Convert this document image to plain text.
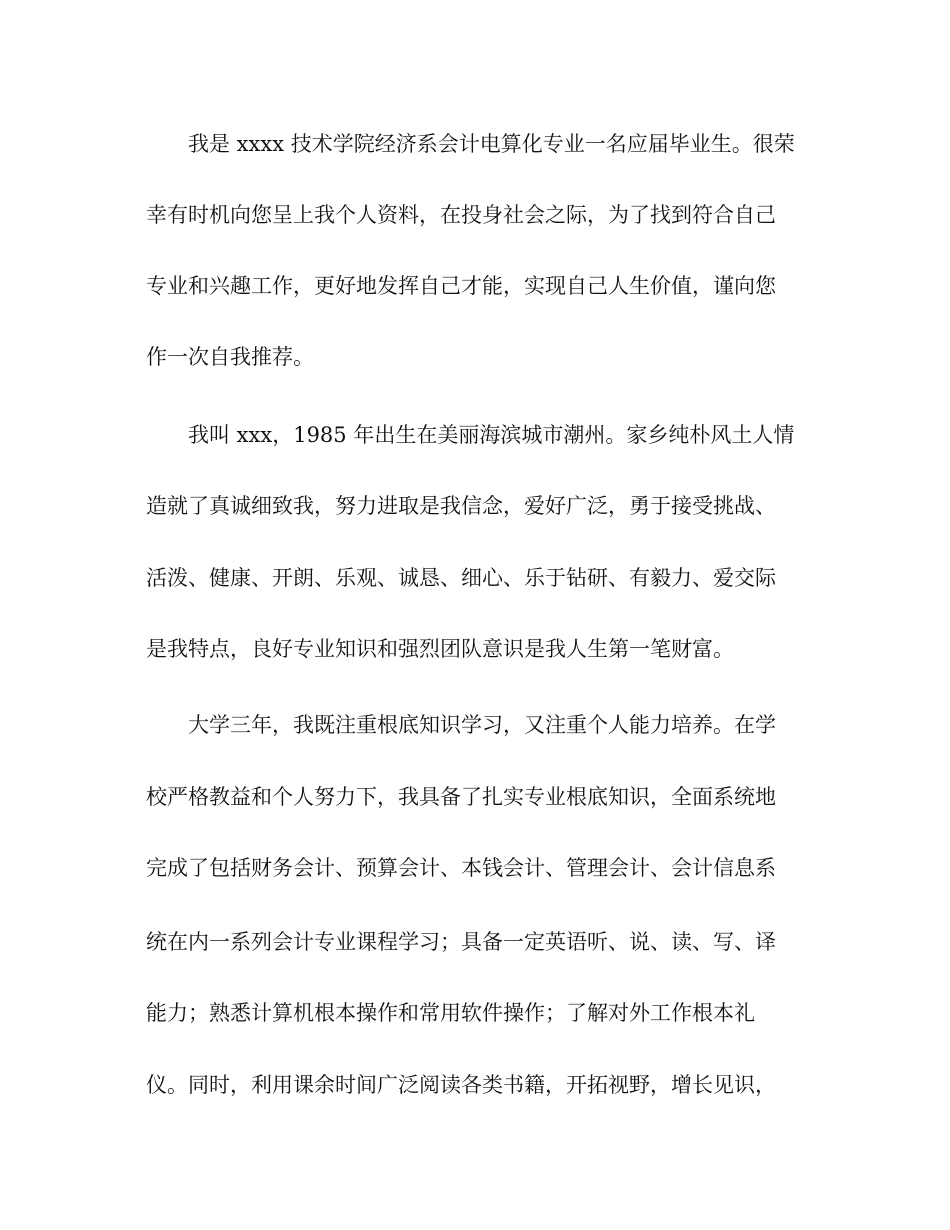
我是 xxxx 技术学院经济系会计电算化专业一名应届毕业生。很荣
幸有时机向您呈上我个人资料，在投身社会之际，为了找到符合自己
专业和兴趣工作，更好地发挥自己才能，实现自己人生价值，谨向您
作一次自我推荐。
我叫 xxx，1985 年出生在美丽海滨城市潮州。家乡纯朴风土人情
造就了真诚细致我，努力进取是我信念，爱好广泛，勇于接受挑战、
活泼、健康、开朗、乐观、诚恳、细心、乐于钻研、有毅力、爱交际
是我特点，良好专业知识和强烈团队意识是我人生第一笔财富。
大学三年，我既注重根底知识学习，又注重个人能力培养。在学
校严格教益和个人努力下，我具备了扎实专业根底知识，全面系统地
完成了包括财务会计、预算会计、本钱会计、管理会计、会计信息系
统在内一系列会计专业课程学习；具备一定英语听、说、读、写、译
能力；熟悉计算机根本操作和常用软件操作；了解对外工作根本礼
仪。同时，利用课余时间广泛阅读各类书籍，开拓视野，增长见识，
